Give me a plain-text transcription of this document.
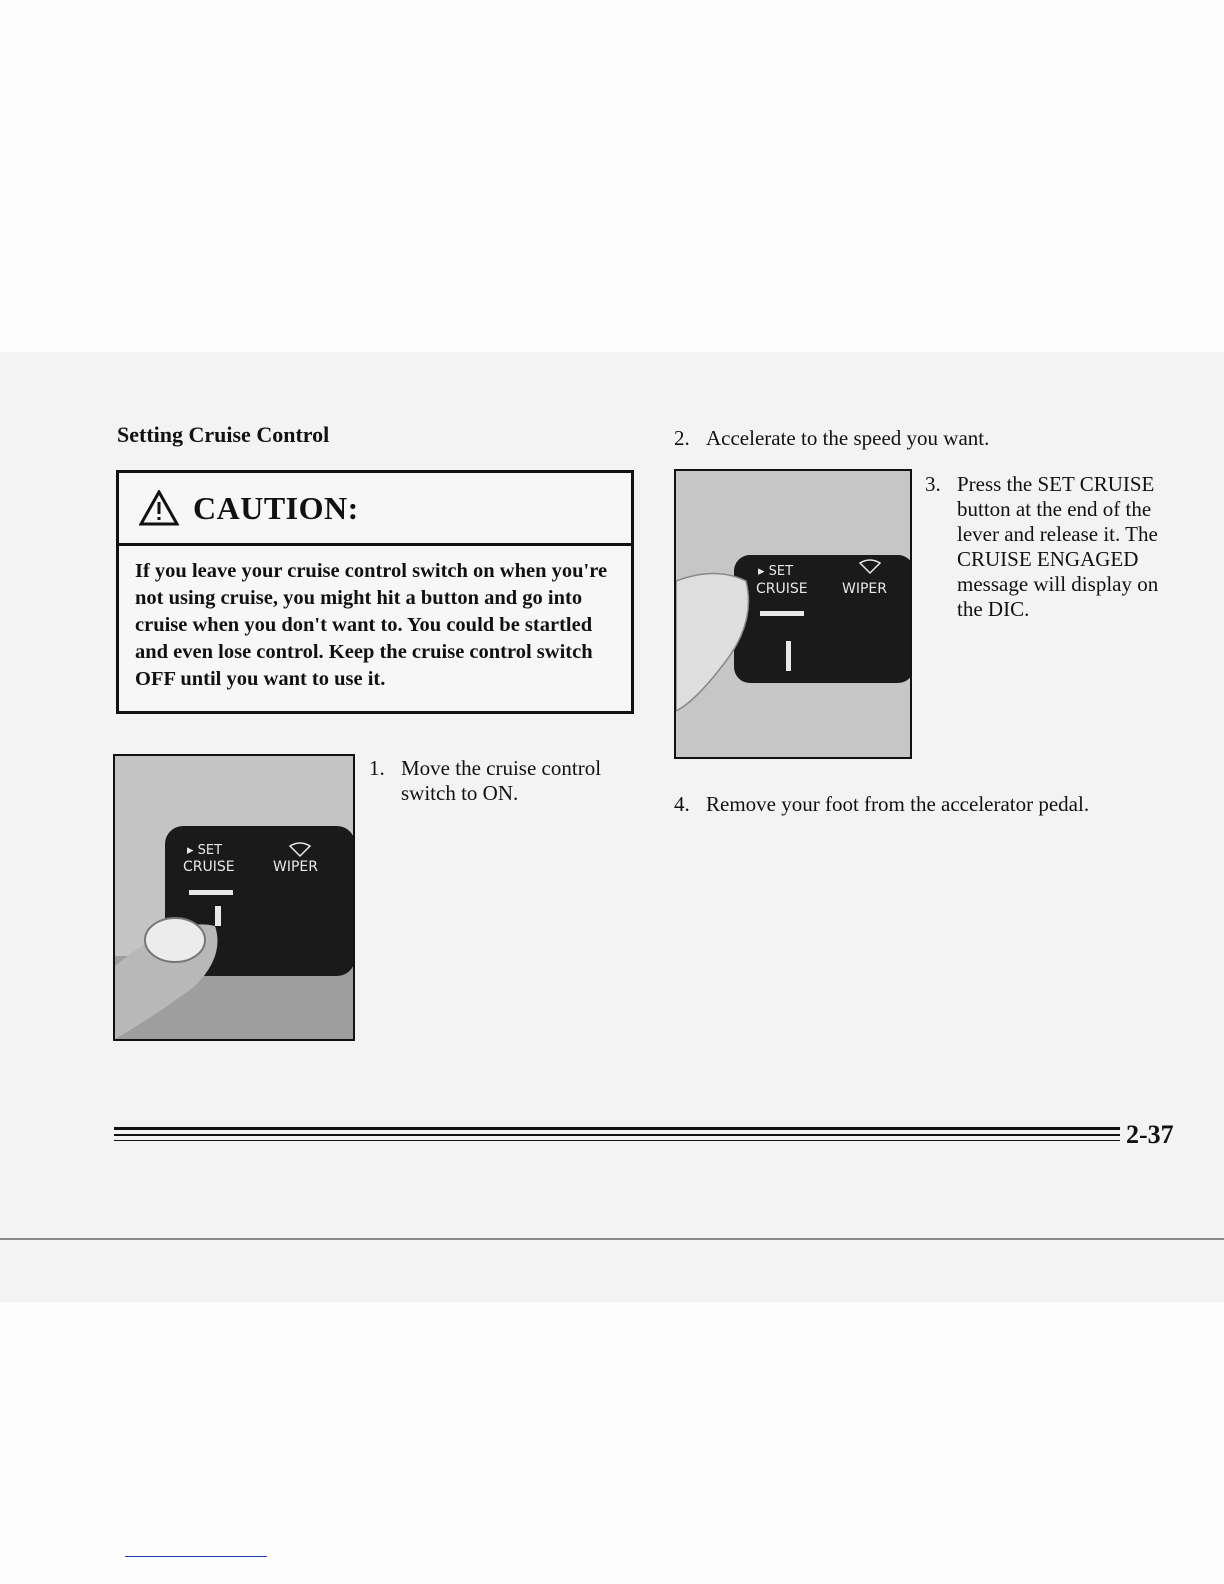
Setting Cruise Control
CAUTION:
If you leave your cruise control switch on when you're not using cruise, you might hit a button and go into cruise when you don't want to. You could be startled and even lose control. Keep the cruise control switch OFF until you want to use it.
▸ SET
CRUISE	WIPER
▸ SET
CRUISE WIPER
1. Move the cruise control switch to ON.
2. Accelerate to the speed you want.
3. Press the SET CRUISE button at the end of the lever and release it. The CRUISE ENGAGED message will display on the DIC.
4. Remove your foot from the accelerator pedal.
2-37
